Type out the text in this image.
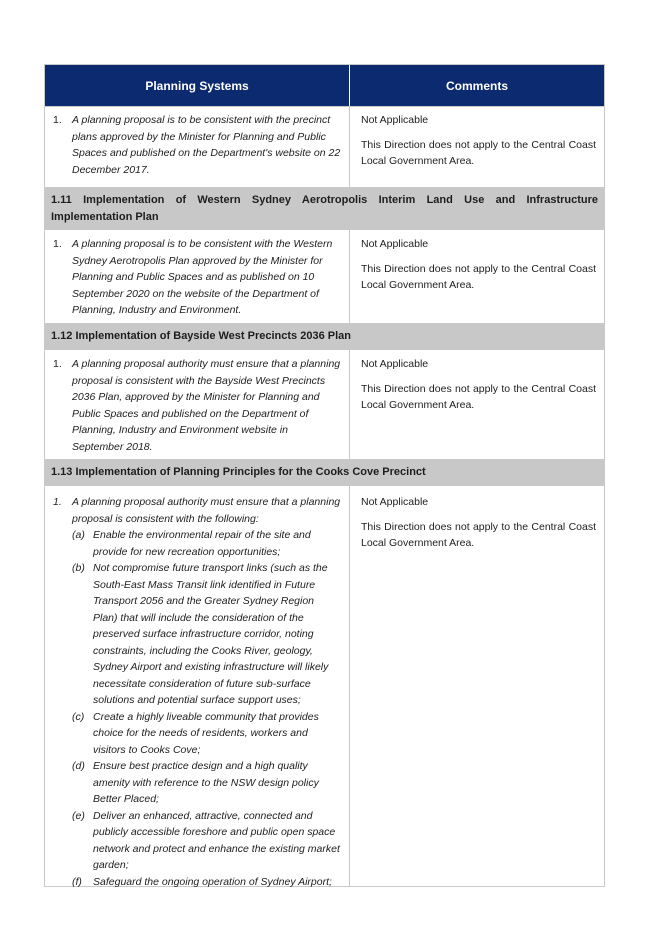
Planning Systems	Comments
1. A planning proposal is to be consistent with the precinct plans approved by the Minister for Planning and Public Spaces and published on the Department's website on 22 December 2017.

Not Applicable

This Direction does not apply to the Central Coast Local Government Area.

1.11 Implementation of Western Sydney Aerotropolis Interim Land Use and Infrastructure Implementation Plan
1. A planning proposal is to be consistent with the Western Sydney Aerotropolis Plan approved by the Minister for Planning and Public Spaces and as published on 10 September 2020 on the website of the Department of Planning, Industry and Environment.

Not Applicable

This Direction does not apply to the Central Coast Local Government Area.

1.12 Implementation of Bayside West Precincts 2036 Plan
1. A planning proposal authority must ensure that a planning proposal is consistent with the Bayside West Precincts 2036 Plan, approved by the Minister for Planning and Public Spaces and published on the Department of Planning, Industry and Environment website in September 2018.

Not Applicable

This Direction does not apply to the Central Coast Local Government Area.

1.13 Implementation of Planning Principles for the Cooks Cove Precinct
1. A planning proposal authority must ensure that a planning proposal is consistent with the following:
(a) Enable the environmental repair of the site and provide for new recreation opportunities;
(b) Not compromise future transport links (such as the South-East Mass Transit link identified in Future Transport 2056 and the Greater Sydney Region Plan) that will include the consideration of the preserved surface infrastructure corridor, noting constraints, including the Cooks River, geology, Sydney Airport and existing infrastructure will likely necessitate consideration of future sub-surface solutions and potential surface support uses;
(c) Create a highly liveable community that provides choice for the needs of residents, workers and visitors to Cooks Cove;
(d) Ensure best practice design and a high quality amenity with reference to the NSW design policy Better Placed;
(e) Deliver an enhanced, attractive, connected and publicly accessible foreshore and public open space network and protect and enhance the existing market garden;
(f)	Safeguard the ongoing operation of Sydney Airport;

Not Applicable

This Direction does not apply to the Central Coast Local Government Area.
